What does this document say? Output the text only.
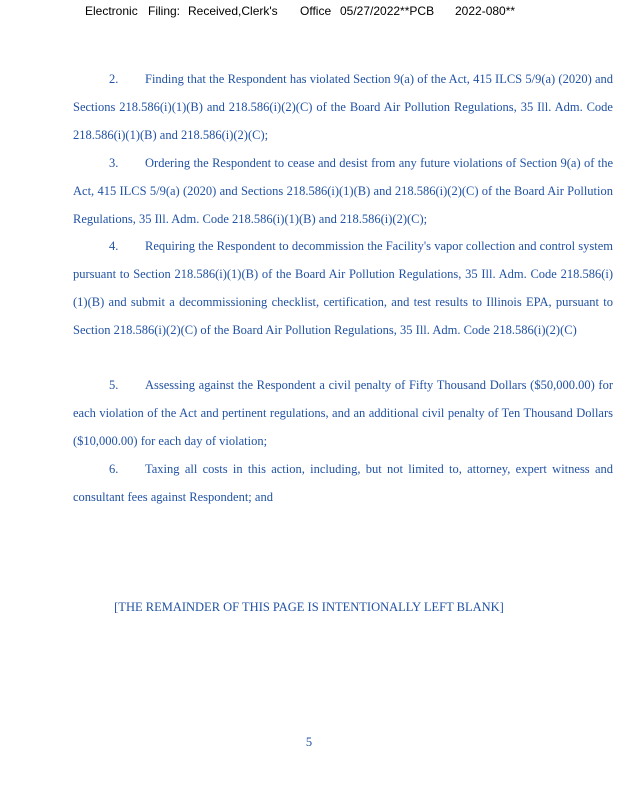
Electronic Filing: Received,Clerk's Office 05/27/2022**PCB 2022-080**

2. Finding that the Respondent has violated Section 9(a) of the Act, 415 ILCS 5/9(a) (2020) and Sections 218.586(i)(1)(B) and 218.586(i)(2)(C) of the Board Air Pollution Regulations, 35 Ill. Adm. Code 218.586(i)(1)(B) and 218.586(i)(2)(C);

3. Ordering the Respondent to cease and desist from any future violations of Section 9(a) of the Act, 415 ILCS 5/9(a) (2020) and Sections 218.586(i)(1)(B) and 218.586(i)(2)(C) of the Board Air Pollution Regulations, 35 Ill. Adm. Code 218.586(i)(1)(B) and 218.586(i)(2)(C);

4. Requiring the Respondent to decommission the Facility's vapor collection and control system pursuant to Section 218.586(i)(1)(B) of the Board Air Pollution Regulations, 35 Ill. Adm. Code 218.586(i)(1)(B) and submit a decommissioning checklist, certification, and test results to Illinois EPA, pursuant to Section 218.586(i)(2)(C) of the Board Air Pollution Regulations, 35 Ill. Adm. Code 218.586(i)(2)(C)

5. Assessing against the Respondent a civil penalty of Fifty Thousand Dollars ($50,000.00) for each violation of the Act and pertinent regulations, and an additional civil penalty of Ten Thousand Dollars ($10,000.00) for each day of violation;

6. Taxing all costs in this action, including, but not limited to, attorney, expert witness and consultant fees against Respondent; and

[THE REMAINDER OF THIS PAGE IS INTENTIONALLY LEFT BLANK]
5
